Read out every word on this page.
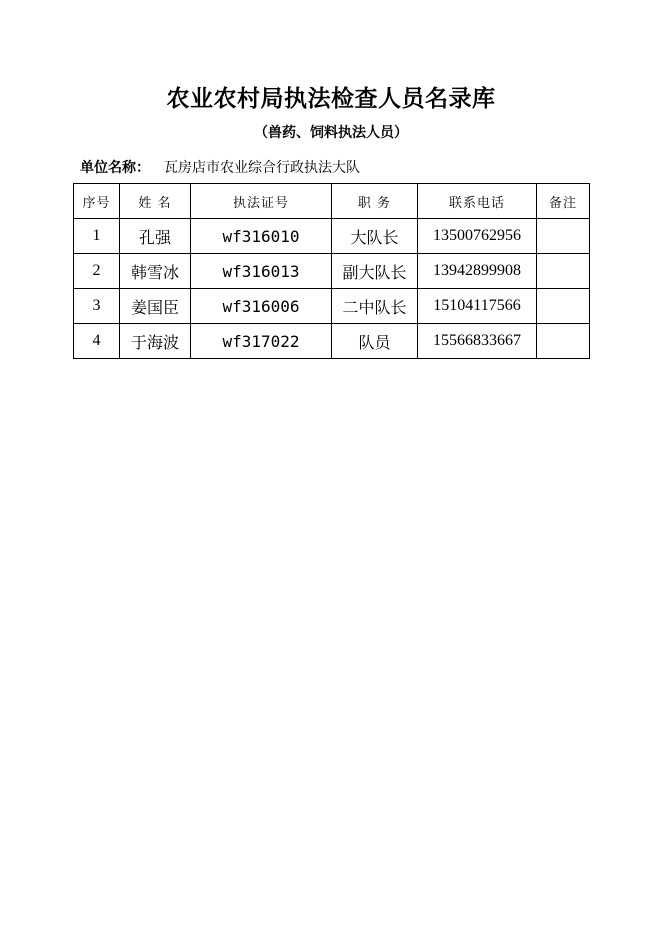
农业农村局执法检查人员名录库
（兽药、饲料执法人员）
单位名称： 瓦房店市农业综合行政执法大队
序号	姓 名	执法证号	职 务	联系电话	备注
1	孔强	wf316010	大队长	13500762956	
2	韩雪冰	wf316013	副大队长	13942899908	
3	姜国臣	wf316006	二中队长	15104117566	
4	于海波	wf317022	队员	15566833667	
